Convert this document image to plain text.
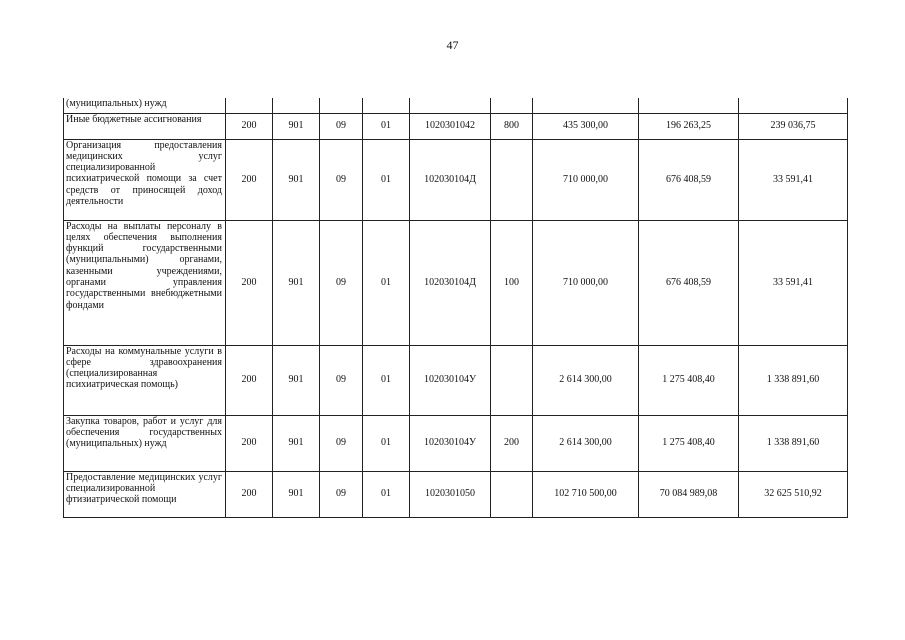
47
(муниципальных) нужд									
Иные бюджетные ассигнования	200	901	09	01	1020301042	800	435 300,00	196 263,25	239 036,75
Организация предоставления медицинских услуг специализированной психиатрической помощи за счет средств от приносящей доход деятельности	200	901	09	01	102030104Д		710 000,00	676 408,59	33 591,41
Расходы на выплаты персоналу в целях обеспечения выполнения функций государственными (муниципальными) органами, казенными учреждениями, органами управления государственными внебюджетными фондами	200	901	09	01	102030104Д	100	710 000,00	676 408,59	33 591,41
Расходы на коммунальные услуги в сфере здравоохранения (специализированная психиатрическая помощь)	200	901	09	01	102030104У		2 614 300,00	1 275 408,40	1 338 891,60
Закупка товаров, работ и услуг для обеспечения государственных (муниципальных) нужд	200	901	09	01	102030104У	200	2 614 300,00	1 275 408,40	1 338 891,60
Предоставление медицинских услуг специализированной фтизиатрической помощи	200	901	09	01	1020301050		102 710 500,00	70 084 989,08	32 625 510,92
